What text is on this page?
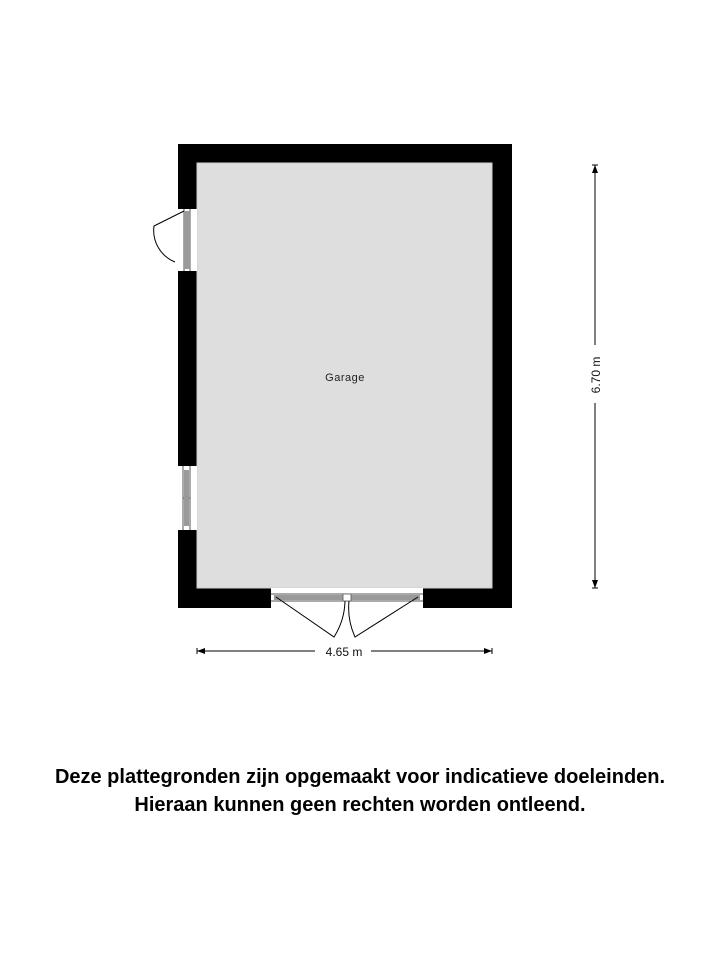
Garage	6.70 m
4.65 m
Deze plattegronden zijn opgemaakt voor indicatieve doeleinden.
Hieraan kunnen geen rechten worden ontleend.
